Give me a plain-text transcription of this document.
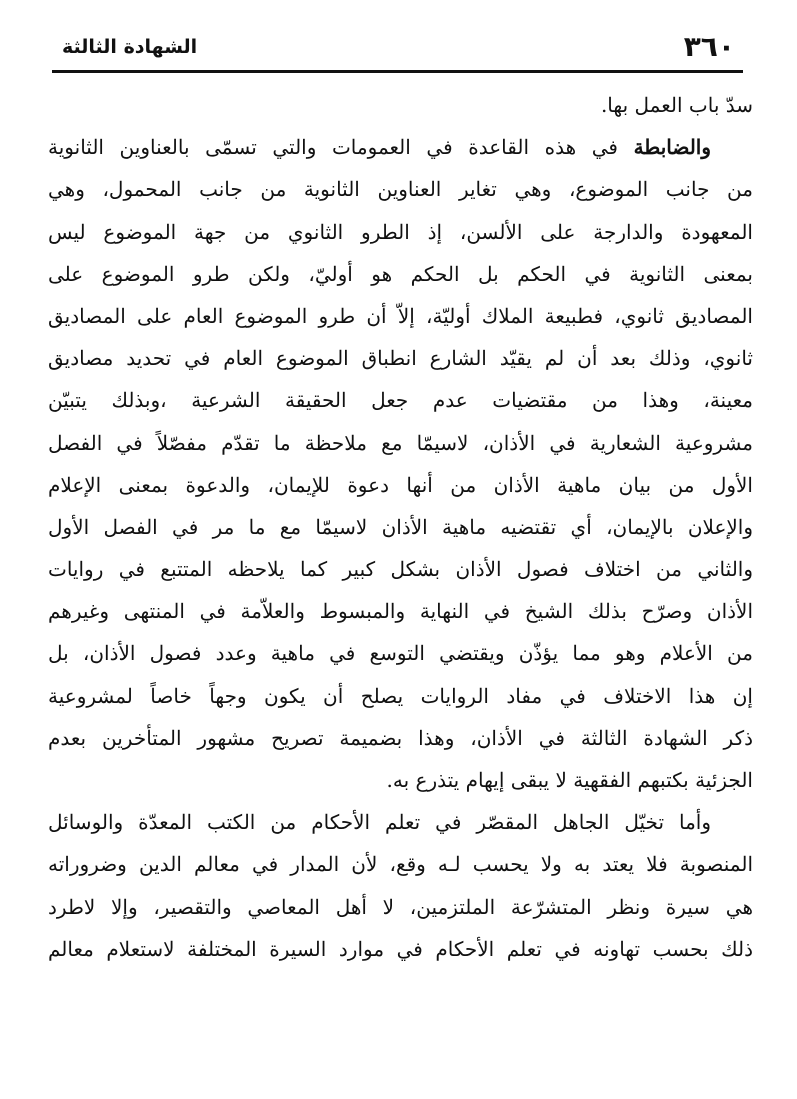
الشهادة الثالثة	٣٦٠
سدّ باب العمل بها.
والضابطة في هذه القاعدة في العمومات والتي تسمّى بالعناوين الثانوية
من جانب الموضوع، وهي تغاير العناوين الثانوية من جانب المحمول، وهي
المعهودة والدارجة على الألسن، إذ الطرو الثانوي من جهة الموضوع ليس
بمعنى الثانوية في الحكم بل الحكم هو أوليّ، ولكن طرو الموضوع على
المصاديق ثانوي، فطبيعة الملاك أوليّة، إلاّ أن طرو الموضوع العام على المصاديق
ثانوي، وذلك بعد أن لم يقيّد الشارع انطباق الموضوع العام في تحديد مصاديق
معينة، وهذا من مقتضيات عدم جعل الحقيقة الشرعية ،وبذلك يتبيّن
مشروعية الشعارية في الأذان، لاسيمّا مع ملاحظة ما تقدّم مفصّلاً في الفصل
الأول من بيان ماهية الأذان من أنها دعوة للإيمان، والدعوة بمعنى الإعلام
والإعلان بالإيمان، أي تقتضيه ماهية الأذان لاسيمّا مع ما مر في الفصل الأول
والثاني من اختلاف فصول الأذان بشكل كبير كما يلاحظه المتتبع في روايات
الأذان وصرّح بذلك الشيخ في النهاية والمبسوط والعلاّمة في المنتهى وغيرهم
من الأعلام وهو مما يؤذّن ويقتضي التوسع في ماهية وعدد فصول الأذان، بل
إن هذا الاختلاف في مفاد الروايات يصلح أن يكون وجهاً خاصاً لمشروعية
ذكر الشهادة الثالثة في الأذان، وهذا بضميمة تصريح مشهور المتأخرين بعدم
الجزئية بكتبهم الفقهية لا يبقى إيهام يتذرع به.
وأما تخيّل الجاهل المقصّر في تعلم الأحكام من الكتب المعدّة والوسائل
المنصوبة فلا يعتد به ولا يحسب لـه وقع، لأن المدار في معالم الدين وضروراته
هي سيرة ونظر المتشرّعة الملتزمين، لا أهل المعاصي والتقصير، وإلا لاطرد
ذلك بحسب تهاونه في تعلم الأحكام في موارد السيرة المختلفة لاستعلام معالم
